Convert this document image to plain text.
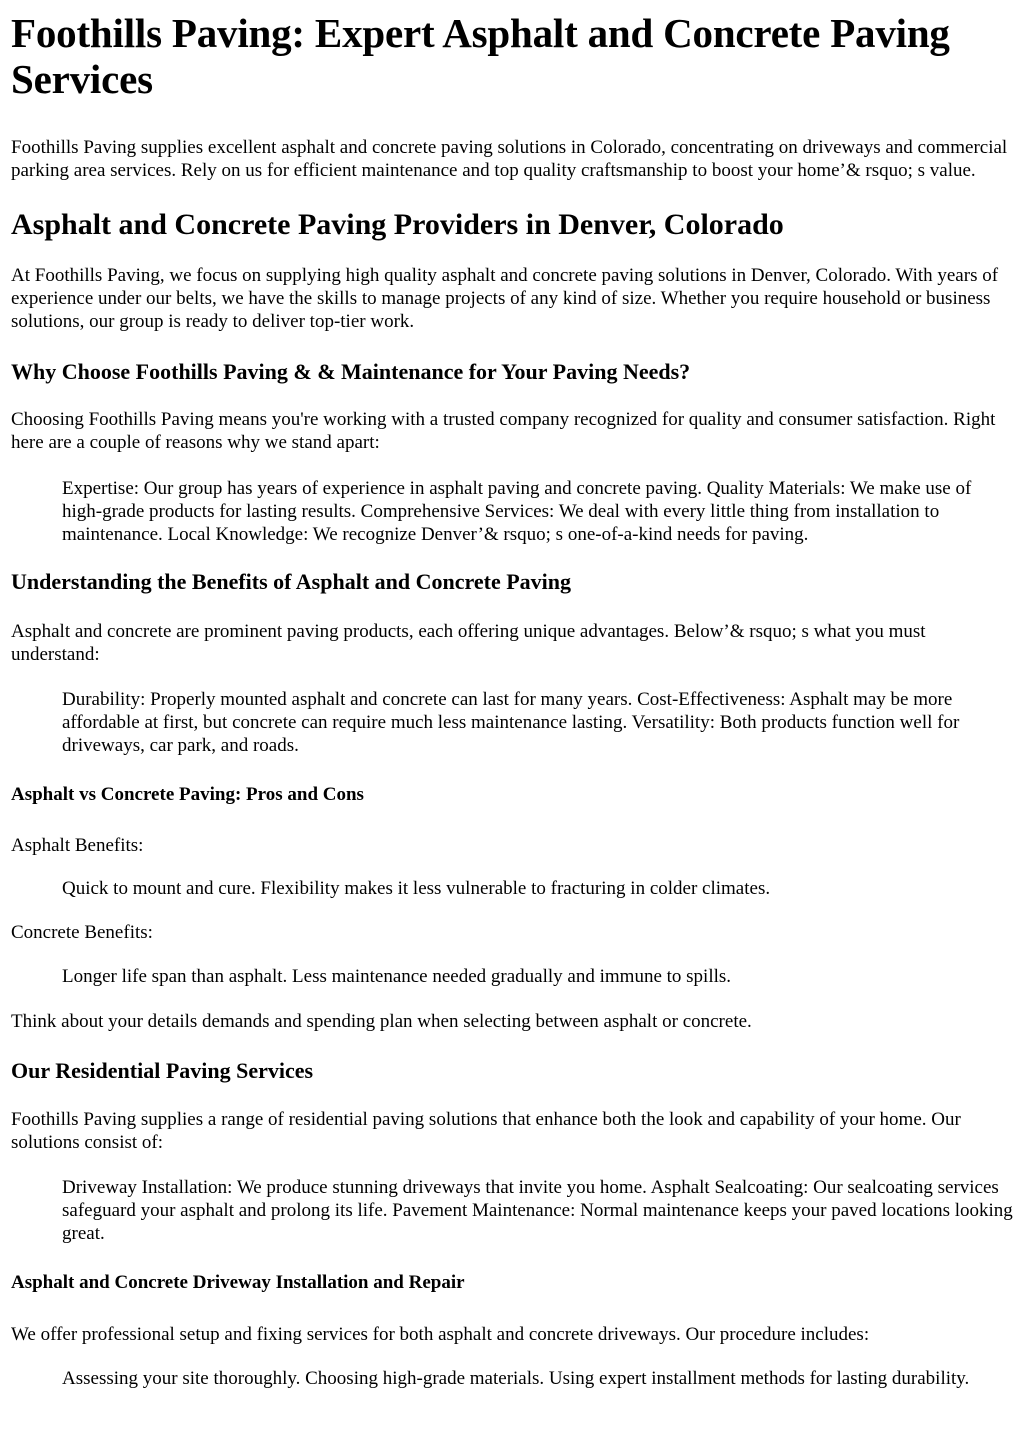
Foothills Paving: Expert Asphalt and Concrete Paving Services

Foothills Paving supplies excellent asphalt and concrete paving solutions in Colorado, concentrating on driveways and commercial parking area services. Rely on us for efficient maintenance and top quality craftsmanship to boost your home’& rsquo; s value.

Asphalt and Concrete Paving Providers in Denver, Colorado

At Foothills Paving, we focus on supplying high quality asphalt and concrete paving solutions in Denver, Colorado. With years of experience under our belts, we have the skills to manage projects of any kind of size. Whether you require household or business solutions, our group is ready to deliver top-tier work.

Why Choose Foothills Paving & & Maintenance for Your Paving Needs?

Choosing Foothills Paving means you're working with a trusted company recognized for quality and consumer satisfaction. Right here are a couple of reasons why we stand apart:

Expertise: Our group has years of experience in asphalt paving and concrete paving. Quality Materials: We make use of high-grade products for lasting results. Comprehensive Services: We deal with every little thing from installation to maintenance. Local Knowledge: We recognize Denver’& rsquo; s one-of-a-kind needs for paving.
Understanding the Benefits of Asphalt and Concrete Paving

Asphalt and concrete are prominent paving products, each offering unique advantages. Below’& rsquo; s what you must understand:

Durability: Properly mounted asphalt and concrete can last for many years. Cost-Effectiveness: Asphalt may be more affordable at first, but concrete can require much less maintenance lasting. Versatility: Both products function well for driveways, car park, and roads.
Asphalt vs Concrete Paving: Pros and Cons

Asphalt Benefits:

Quick to mount and cure. Flexibility makes it less vulnerable to fracturing in colder climates.

Concrete Benefits:

Longer life span than asphalt. Less maintenance needed gradually and immune to spills.

Think about your details demands and spending plan when selecting between asphalt or concrete.

Our Residential Paving Services

Foothills Paving supplies a range of residential paving solutions that enhance both the look and capability of your home. Our solutions consist of:

Driveway Installation: We produce stunning driveways that invite you home. Asphalt Sealcoating: Our sealcoating services safeguard your asphalt and prolong its life. Pavement Maintenance: Normal maintenance keeps your paved locations looking great.
Asphalt and Concrete Driveway Installation and Repair

We offer professional setup and fixing services for both asphalt and concrete driveways. Our procedure includes:

Assessing your site thoroughly. Choosing high-grade materials. Using expert installment methods for lasting durability.
